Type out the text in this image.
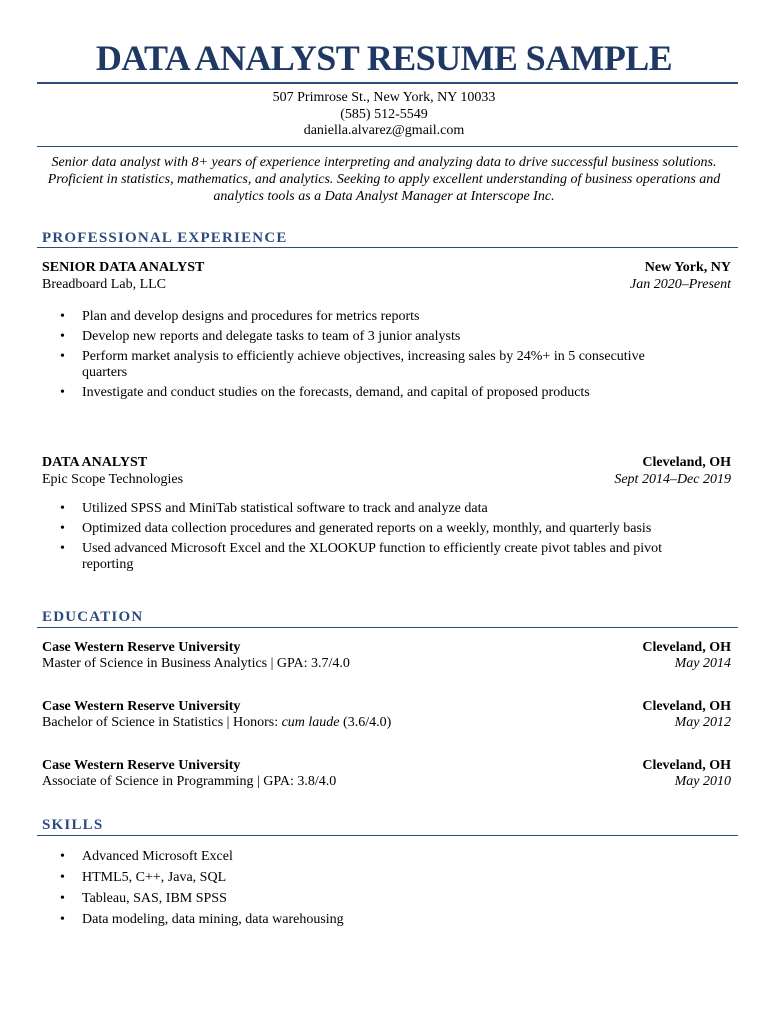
DATA ANALYST RESUME SAMPLE
507 Primrose St., New York, NY 10033
(585) 512-5549
daniella.alvarez@gmail.com

Senior data analyst with 8+ years of experience interpreting and analyzing data to drive successful business solutions. Proficient in statistics, mathematics, and analytics. Seeking to apply excellent understanding of business operations and analytics tools as a Data Analyst Manager at Interscope Inc.

PROFESSIONAL EXPERIENCE
SENIOR DATA ANALYST	New York, NY
Breadboard Lab, LLC	Jan 2020–Present
• Plan and develop designs and procedures for metrics reports
• Develop new reports and delegate tasks to team of 3 junior analysts
• Perform market analysis to efficiently achieve objectives, increasing sales by 24%+ in 5 consecutive quarters
• Investigate and conduct studies on the forecasts, demand, and capital of proposed products
DATA ANALYST	Cleveland, OH
Epic Scope Technologies	Sept 2014–Dec 2019
• Utilized SPSS and MiniTab statistical software to track and analyze data
• Optimized data collection procedures and generated reports on a weekly, monthly, and quarterly basis
• Used advanced Microsoft Excel and the XLOOKUP function to efficiently create pivot tables and pivot reporting
EDUCATION
Case Western Reserve University	Cleveland, OH
Master of Science in Business Analytics | GPA: 3.7/4.0	May 2014
Case Western Reserve University	Cleveland, OH
Bachelor of Science in Statistics | Honors: cum laude (3.6/4.0)	May 2012
Case Western Reserve University	Cleveland, OH
Associate of Science in Programming | GPA: 3.8/4.0	May 2010
SKILLS
• Advanced Microsoft Excel
• HTML5, C++, Java, SQL
• Tableau, SAS, IBM SPSS
• Data modeling, data mining, data warehousing
